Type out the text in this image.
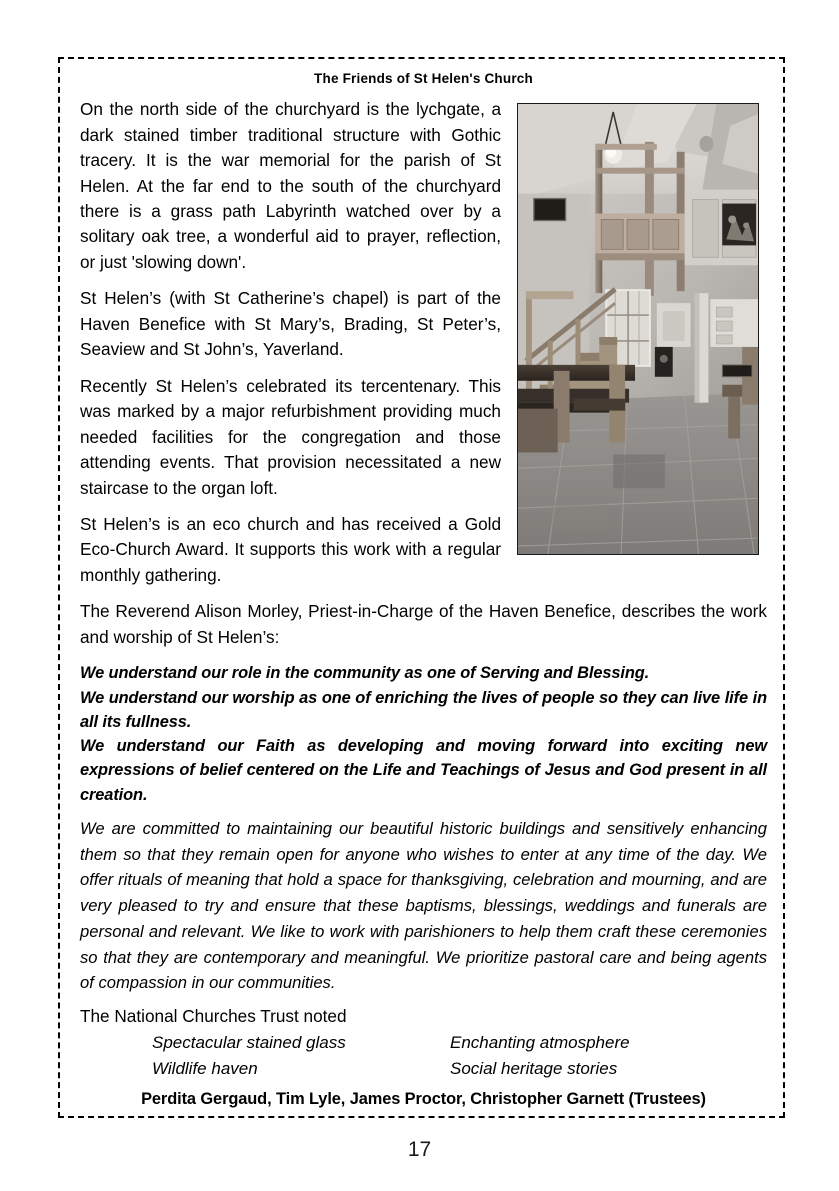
The Friends of St Helen's Church

On the north side of the churchyard is the lychgate, a dark stained timber traditional structure with Gothic tracery. It is the war memorial for the parish of St Helen. At the far end to the south of the churchyard there is a grass path Labyrinth watched over by a solitary oak tree, a wonderful aid to prayer, reflection, or just 'slowing down'.

St Helen’s (with St Catherine’s chapel) is part of the Haven Benefice with St Mary’s, Brading, St Peter’s, Seaview and St John’s, Yaverland.

Recently St Helen’s celebrated its tercentenary. This was marked by a major refurbishment providing much needed facilities for the congregation and those attending events. That provision necessitated a new staircase to the organ loft.

St Helen’s is an eco church and has received a Gold Eco-Church Award. It supports this work with a regular monthly gathering.

The Reverend Alison Morley, Priest-in-Charge of the Haven Benefice, describes the work and worship of St Helen’s:

We understand our role in the community as one of Serving and Blessing.

We understand our worship as one of enriching the lives of people so they can live life in all its fullness.

We understand our Faith as developing and moving forward into exciting new expressions of belief centered on the Life and Teachings of Jesus and God present in all creation.

We are committed to maintaining our beautiful historic buildings and sensitively enhancing them so that they remain open for anyone who wishes to enter at any time of the day. We offer rituals of meaning that hold a space for thanksgiving, celebration and mourning, and are very pleased to try and ensure that these baptisms, blessings, weddings and funerals are personal and relevant. We like to work with parishioners to help them craft these ceremonies so that they are contemporary and meaningful. We prioritize pastoral care and being agents of compassion in our communities.

The National Churches Trust noted

Spectacular stained glass	Enchanting atmosphere
Wildlife haven	Social heritage stories

Perdita Gergaud, Tim Lyle, James Proctor, Christopher Garnett (Trustees)

17
